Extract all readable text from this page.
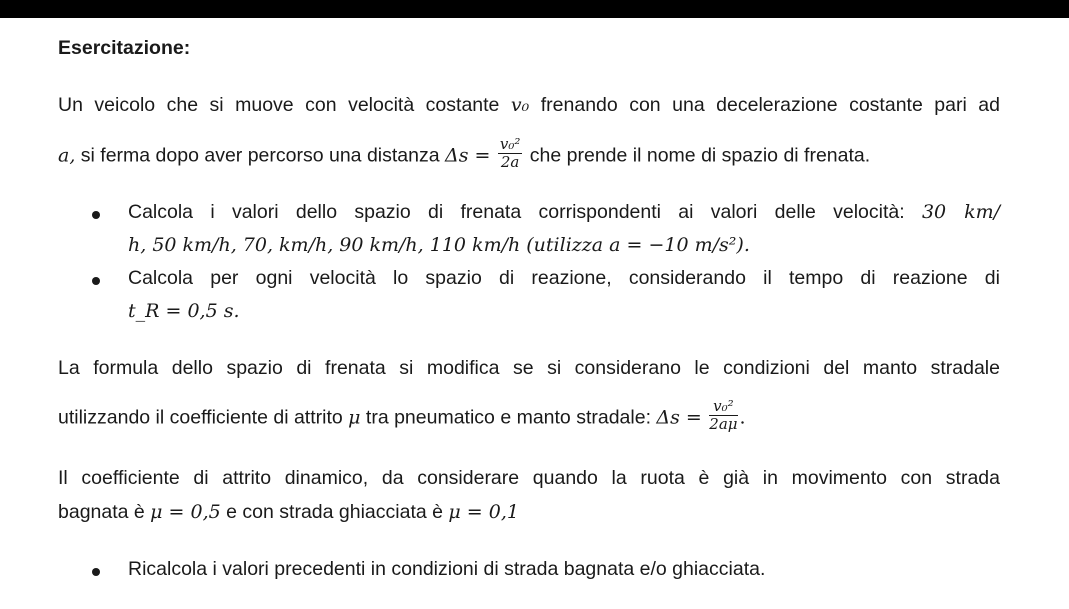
Esercitazione:
Un veicolo che si muove con velocità costante v₀ frenando con una decelerazione costante pari ad
a, si ferma dopo aver percorso una distanza $\Delta s = \frac{\text{v₀²}}{2a}$ che prende il nome di spazio di frenata.
Calcola i valori dello spazio di frenata corrispondenti ai valori delle velocità: 30 km/
h, 50 km/h, 70, km/h, 90 km/h, 110 km/h (utilizza a = −10 m/s²).
Calcola per ogni velocità lo spazio di reazione, considerando il tempo di reazione di
t_R = 0,5 s.
La formula dello spazio di frenata si modifica se si considerano le condizioni del manto stradale
utilizzando il coefficiente di attrito μ tra pneumatico e manto stradale: $\Delta s = \frac{\text{v₀²}}{2a\mu}$ .
Il coefficiente di attrito dinamico, da considerare quando la ruota è già in movimento con strada
bagnata è μ = 0,5 e con strada ghiacciata è μ = 0,1
Ricalcola i valori precedenti in condizioni di strada bagnata e/o ghiacciata.
